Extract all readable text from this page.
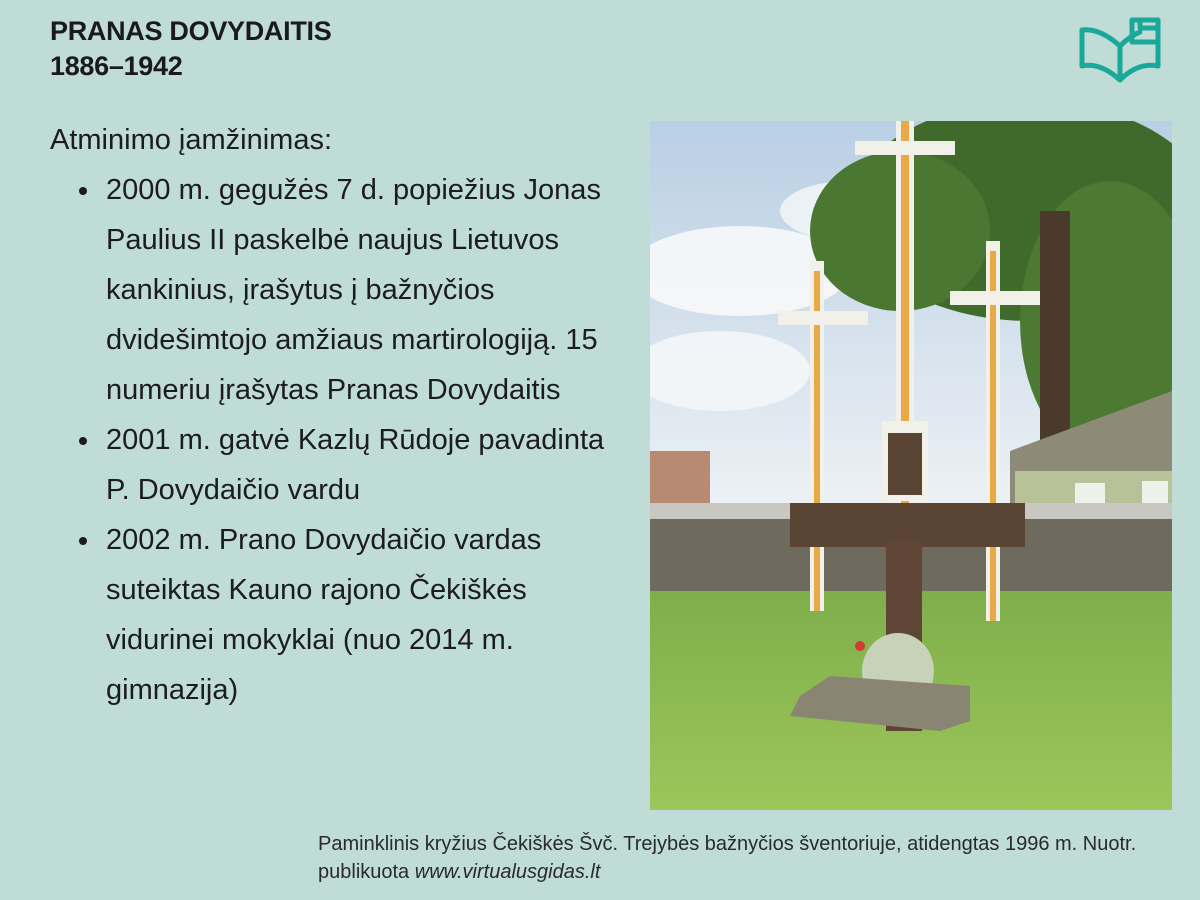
PRANAS DOVYDAITIS
1886–1942

Atminimo įamžinimas:

2000 m. gegužės 7 d. popiežius Jonas Paulius II paskelbė naujus Lietuvos kankinius, įrašytus į bažnyčios dvidešimtojo amžiaus martirologiją. 15 numeriu įrašytas Pranas Dovydaitis
2001 m. gatvė Kazlų Rūdoje pavadinta P. Dovydaičio vardu
2002 m. Prano Dovydaičio vardas suteiktas Kauno rajono Čekiškės vidurinei mokyklai (nuo 2014 m. gimnazija)
Paminklinis kryžius Čekiškės Švč. Trejybės bažnyčios šventoriuje, atidengtas 1996 m. Nuotr. publikuota www.virtualusgidas.lt
